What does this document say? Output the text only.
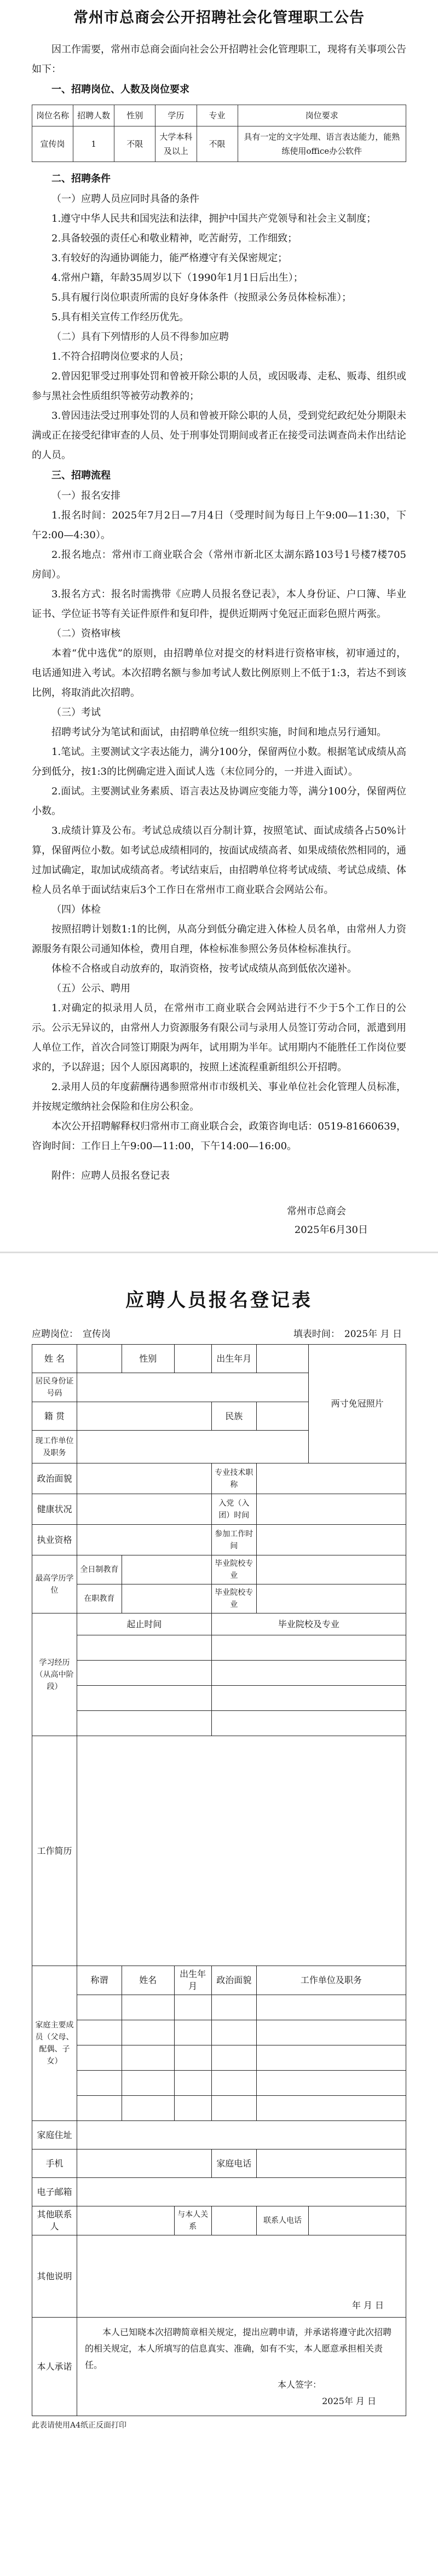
常州市总商会公开招聘社会化管理职工公告

因工作需要，常州市总商会面向社会公开招聘社会化管理职工，现将有关事项公告如下：

一、招聘岗位、人数及岗位要求

岗位名称	招聘人数	性别	学历	专业	岗位要求
宣传岗	1	不限	大学本科及以上	不限	具有一定的文字处理、语言表达能力，能熟练使用office办公软件

二、招聘条件

（一）应聘人员应同时具备的条件

1.遵守中华人民共和国宪法和法律，拥护中国共产党领导和社会主义制度；

2.具备较强的责任心和敬业精神，吃苦耐劳，工作细致；

3.有较好的沟通协调能力，能严格遵守有关保密规定；

4.常州户籍，年龄35周岁以下（1990年1月1日后出生）；

5.具有履行岗位职责所需的良好身体条件（按照录公务员体检标准）；

5.具有相关宣传工作经历优先。

（二）具有下列情形的人员不得参加应聘

1.不符合招聘岗位要求的人员；

2.曾因犯罪受过刑事处罚和曾被开除公职的人员，或因吸毒、走私、贩毒、组织或参与黑社会性质组织等被劳动教养的；

3.曾因违法受过刑事处罚的人员和曾被开除公职的人员，受到党纪政纪处分期限未满或正在接受纪律审查的人员、处于刑事处罚期间或者正在接受司法调查尚未作出结论的人员。

三、招聘流程

（一）报名安排

1.报名时间：2025年7月2日—7月4日（受理时间为每日上午9:00—11:30，下午2:00—4:30）。

2.报名地点：常州市工商业联合会（常州市新北区太湖东路103号1号楼7楼705房间）。

3.报名方式：报名时需携带《应聘人员报名登记表》，本人身份证、户口簿、毕业证书、学位证书等有关证件原件和复印件，提供近期两寸免冠正面彩色照片两张。

（二）资格审核

本着“优中选优”的原则，由招聘单位对提交的材料进行资格审核，初审通过的，电话通知进入考试。本次招聘名额与参加考试人数比例原则上不低于1:3，若达不到该比例，将取消此次招聘。

（三）考试

招聘考试分为笔试和面试，由招聘单位统一组织实施，时间和地点另行通知。

1.笔试。主要测试文字表达能力，满分100分，保留两位小数。根据笔试成绩从高分到低分，按1:3的比例确定进入面试人选（末位同分的，一并进入面试）。

2.面试。主要测试业务素质、语言表达及协调应变能力等，满分100分，保留两位小数。

3.成绩计算及公布。考试总成绩以百分制计算，按照笔试、面试成绩各占50%计算，保留两位小数。如考试总成绩相同的，按面试成绩高者、如果成绩依然相同的，通过加试确定，取加试成绩高者。考试结束后，由招聘单位将考试成绩、考试总成绩、体检人员名单于面试结束后3个工作日在常州市工商业联合会网站公布。

（四）体检

按照招聘计划数1:1的比例，从高分到低分确定进入体检人员名单，由常州人力资源服务有限公司通知体检，费用自理，体检标准参照公务员体检标准执行。

体检不合格或自动放弃的，取消资格，按考试成绩从高到低依次递补。

（五）公示、聘用

1.对确定的拟录用人员，在常州市工商业联合会网站进行不少于5个工作日的公示。公示无异议的，由常州人力资源服务有限公司与录用人员签订劳动合同，派遣到用人单位工作，首次合同签订期限为两年，试用期为半年。试用期内不能胜任工作岗位要求的，予以辞退；因个人原因离职的，按照上述流程重新组织公开招聘。

2.录用人员的年度薪酬待遇参照常州市市级机关、事业单位社会化管理人员标准，并按规定缴纳社会保险和住房公积金。

本次公开招聘解释权归常州市工商业联合会，政策咨询电话：0519-81660639，咨询时间：工作日上午9:00—11:00，下午14:00—16:00。

附件：应聘人员报名登记表

常州市总商会
2025年6月30日
应聘人员报名登记表
应聘岗位： 宣传岗	填表时间： 2025年 月 日
姓 名		性别		出生年月		两寸免冠照片
居民身份证号码						
籍 贯				民族		
现工作单位及职务						
政治面貌				专业技术职称		
健康状况				入党（入团）时间		
执业资格				参加工作时间		
最高学历学位	全日制教育			毕业院校专业		
	在职教育			毕业院校专业		
学习经历（从高中阶段）	起止时间			毕业院校及专业		

工作简历						
家庭主要成员（父母、配偶、子女）	称谓	姓名	出生年月	政治面貌	工作单位及职务	

家庭住址						
手机				家庭电话		
电子邮箱						
其他联系人			与本人关系		联系人电话	
其他说明	年 月 日					
本人承诺	本人已知晓本次招聘简章相关规定，提出应聘申请，并承诺将遵守此次招聘的相关规定，本人所填写的信息真实、准确，如有不实，本人愿意承担相关责任。
本人签字：
2025年 月 日					
此表请使用A4纸正反面打印
